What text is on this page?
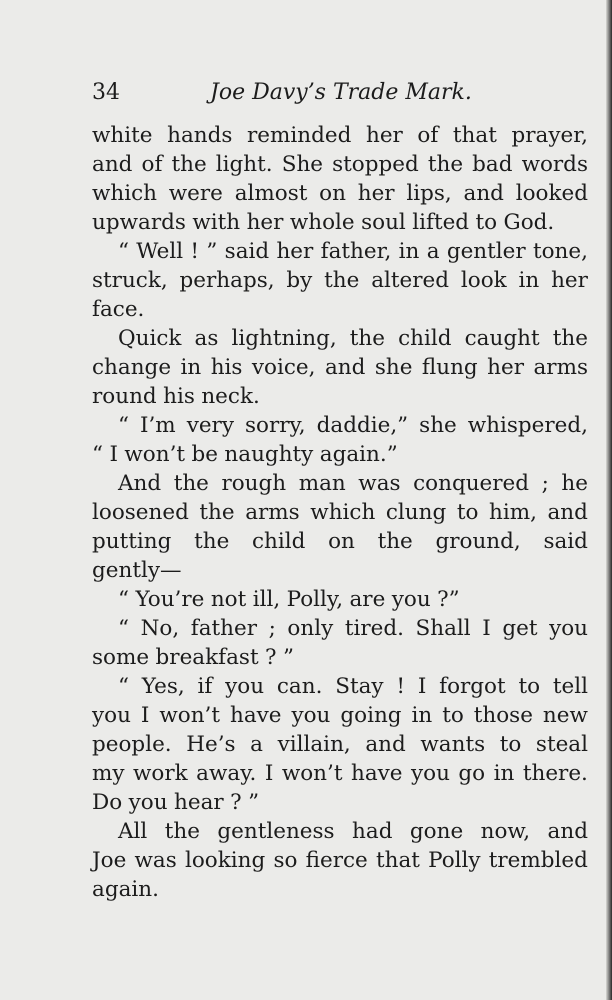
34	Joe Davy’s Trade Mark.
white hands reminded her of that prayer,
and of the light. She stopped the bad words
which were almost on her lips, and looked
upwards with her whole soul lifted to God.
“ Well ! ” said her father, in a gentler tone,
struck, perhaps, by the altered look in her
face.
Quick as lightning, the child caught the
change in his voice, and she flung her arms
round his neck.
“ I’m very sorry, daddie,” she whispered,
“ I won’t be naughty again.”
And the rough man was conquered ; he
loosened the arms which clung to him, and
putting the child on the ground, said
gently—
“ You’re not ill, Polly, are you ?”
“ No, father ; only tired. Shall I get you
some breakfast ? ”
“ Yes, if you can. Stay ! I forgot to tell
you I won’t have you going in to those new
people. He’s a villain, and wants to steal
my work away. I won’t have you go in there.
Do you hear ? ”
All the gentleness had gone now, and
Joe was looking so fierce that Polly trembled
again.
